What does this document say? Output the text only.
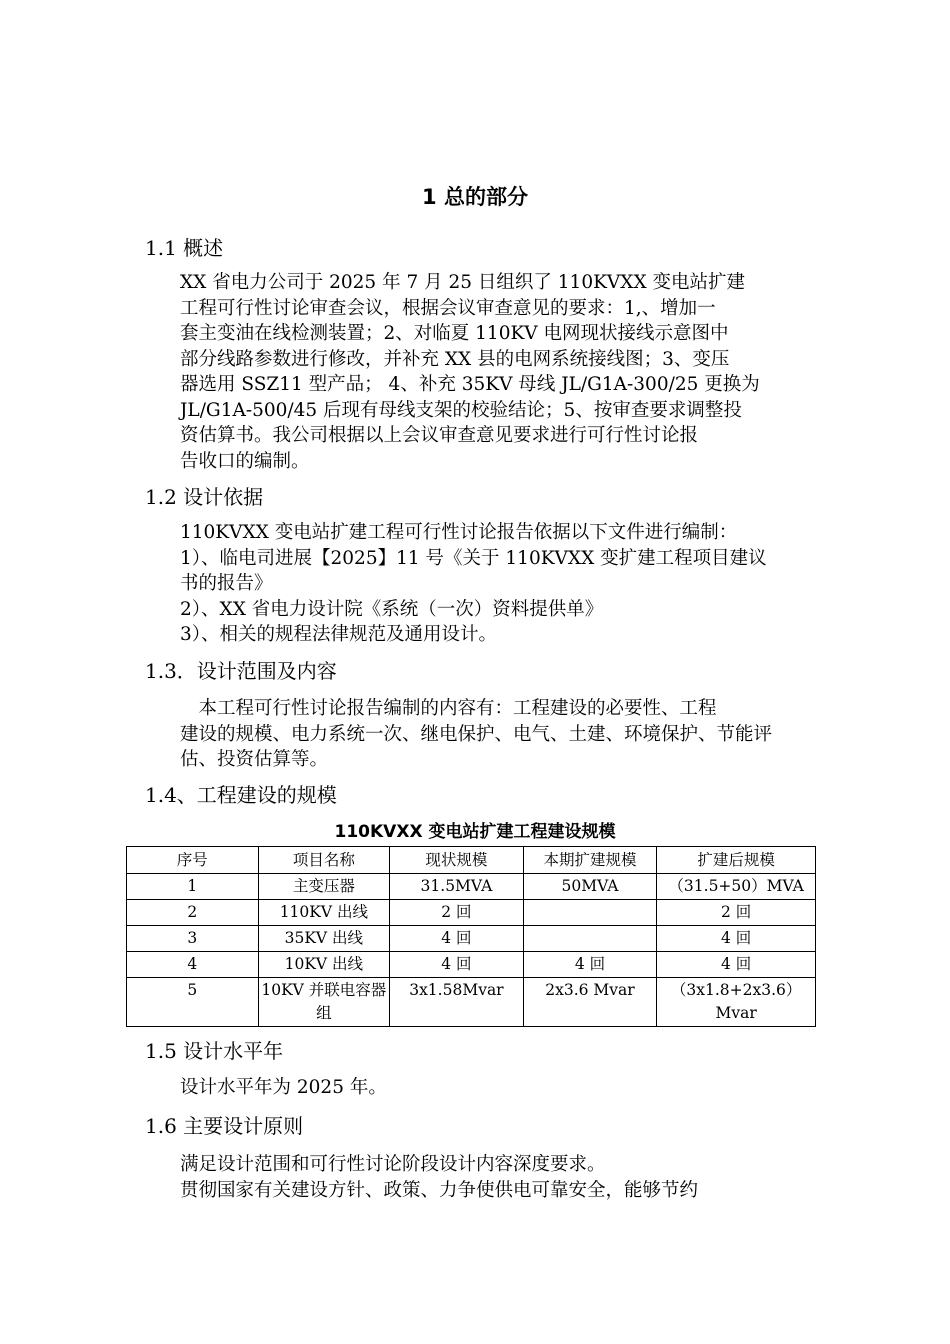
1 总的部分
1.1 概述
XX 省电力公司于 2025 年 7 月 25 日组织了 110KVXX 变电站扩建
工程可行性讨论审查会议，根据会议审查意见的要求：1,、增加一
套主变油在线检测装置；2、对临夏 110KV 电网现状接线示意图中
部分线路参数进行修改，并补充 XX 县的电网系统接线图；3、变压
器选用 SSZ11 型产品； 4、补充 35KV 母线 JL/G1A-300/25 更换为
JL/G1A-500/45 后现有母线支架的校验结论；5、按审查要求调整投
资估算书。我公司根据以上会议审查意见要求进行可行性讨论报
告收口的编制。
1.2 设计依据
110KVXX 变电站扩建工程可行性讨论报告依据以下文件进行编制：
1）、临电司进展【2025】11 号《关于 110KVXX 变扩建工程项目建议
书的报告》
2）、XX 省电力设计院《系统（一次）资料提供单》
3）、相关的规程法律规范及通用设计。
1.3．设计范围及内容
　本工程可行性讨论报告编制的内容有：工程建设的必要性、工程
建设的规模、电力系统一次、继电保护、电气、土建、环境保护、节能评
估、投资估算等。
1.4、工程建设的规模
110KVXX 变电站扩建工程建设规模
序号	项目名称	现状规模	本期扩建规模	扩建后规模
1	主变压器	31.5MVA	50MVA	（31.5+50）MVA
2	110KV 出线	2 回		2 回
3	35KV 出线	4 回		4 回
4	10KV 出线	4 回	4 回	4 回
5	10KV 并联电容器组	3x1.58Mvar	2x3.6 Mvar	（3x1.8+2x3.6）Mvar
1.5 设计水平年
设计水平年为 2025 年。
1.6 主要设计原则
满足设计范围和可行性讨论阶段设计内容深度要求。
贯彻国家有关建设方针、政策、力争使供电可靠安全，能够节约
